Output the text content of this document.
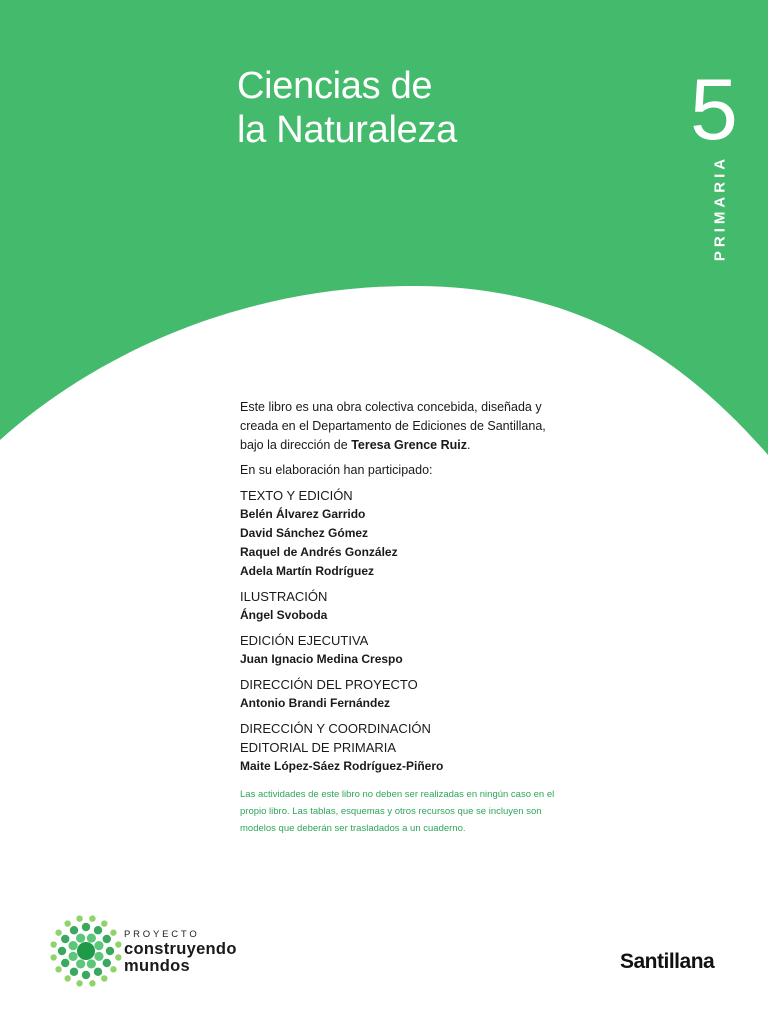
Ciencias de
la Naturaleza	5
PRIMARIA

Este libro es una obra colectiva concebida, diseñada y creada en el Departamento de Ediciones de Santillana, bajo la dirección de Teresa Grence Ruiz.

En su elaboración han participado:
TEXTO Y EDICIÓN
Belén Álvarez Garrido
David Sánchez Gómez
Raquel de Andrés González
Adela Martín Rodríguez
ILUSTRACIÓN
Ángel Svoboda
EDICIÓN EJECUTIVA
Juan Ignacio Medina Crespo
DIRECCIÓN DEL PROYECTO
Antonio Brandi Fernández
DIRECCIÓN Y COORDINACIÓN
EDITORIAL DE PRIMARIA
Maite López-Sáez Rodríguez-Piñero
Las actividades de este libro no deben ser realizadas en ningún caso en el propio libro. Las tablas, esquemas y otros recursos que se incluyen son modelos que deberán ser trasladados a un cuaderno.
PROYECTO
construyendo
mundos	Santillana
